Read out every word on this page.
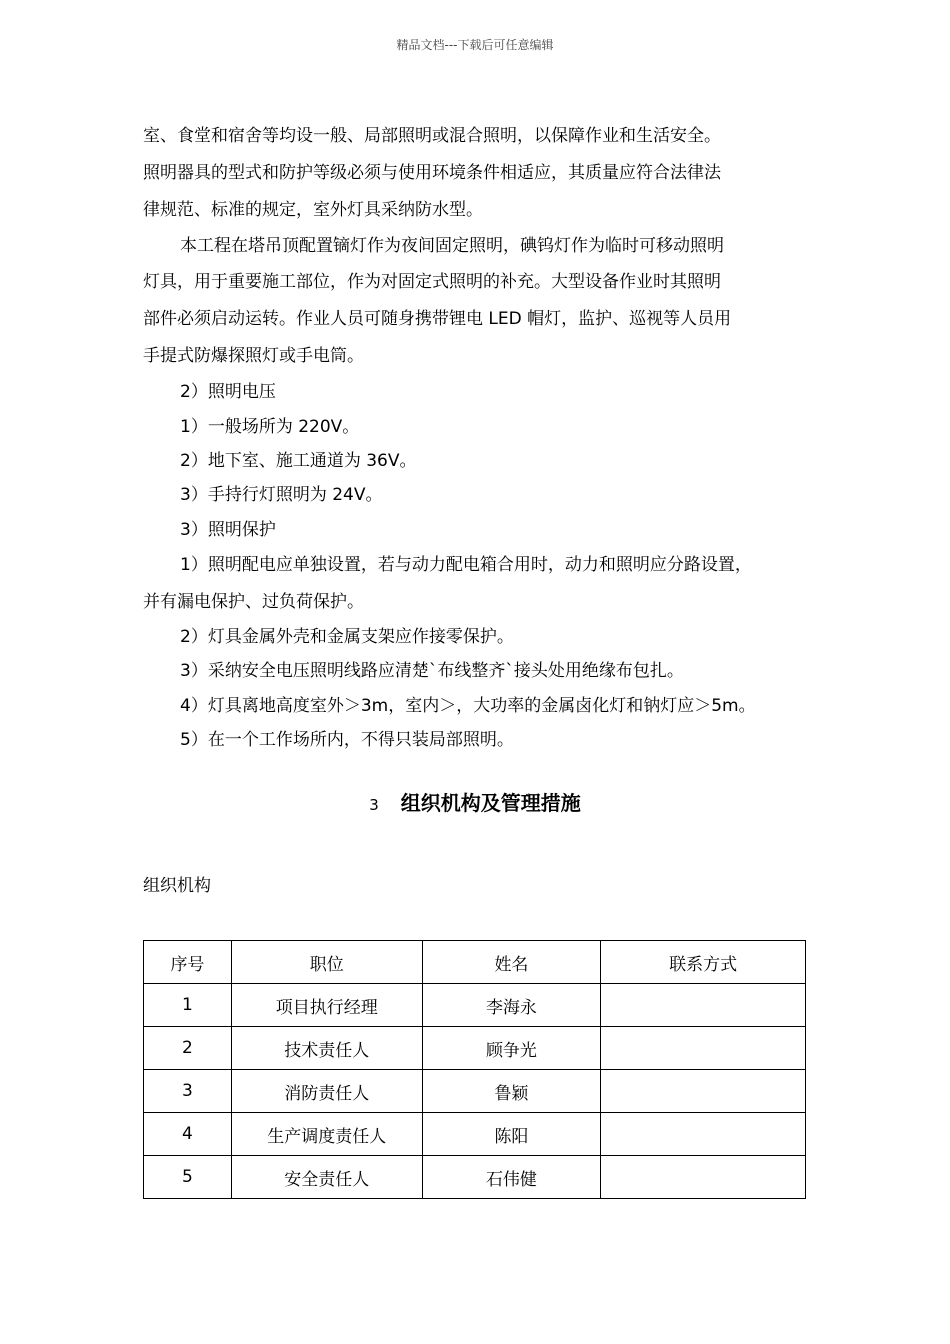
精品文档---下载后可任意编辑
室、食堂和宿舍等均设一般、局部照明或混合照明，以保障作业和生活安全。
照明器具的型式和防护等级必须与使用环境条件相适应，其质量应符合法律法
律规范、标准的规定，室外灯具采纳防水型。
本工程在塔吊顶配置镝灯作为夜间固定照明，碘钨灯作为临时可移动照明
灯具，用于重要施工部位，作为对固定式照明的补充。大型设备作业时其照明
部件必须启动运转。作业人员可随身携带锂电 LED 帽灯，监护、巡视等人员用
手提式防爆探照灯或手电筒。
2）照明电压
1）一般场所为 220V。
2）地下室、施工通道为 36V。
3）手持行灯照明为 24V。
3）照明保护
1）照明配电应单独设置，若与动力配电箱合用时，动力和照明应分路设置，
并有漏电保护、过负荷保护。
2）灯具金属外壳和金属支架应作接零保护。
3）采纳安全电压照明线路应清楚`布线整齐`接头处用绝缘布包扎。
4）灯具离地高度室外＞3m，室内＞，大功率的金属卤化灯和钠灯应＞5m。
5）在一个工作场所内，不得只装局部照明。
3 组织机构及管理措施
组织机构
序号	职位	姓名	联系方式
1	项目执行经理	李海永	
2	技术责任人	顾争光	
3	消防责任人	鲁颖	
4	生产调度责任人	陈阳	
5	安全责任人	石伟健	
